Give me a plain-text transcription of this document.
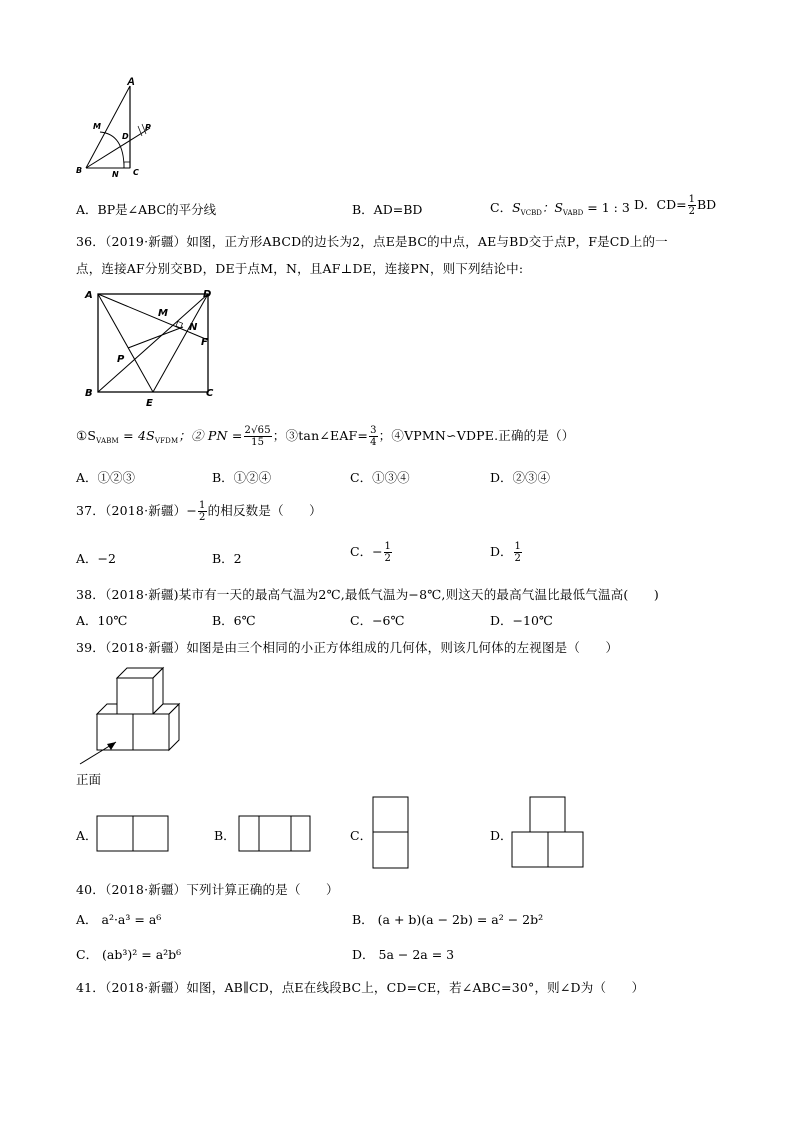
A
M
D
P
B	N C
A．BP是∠ABC的平分线	B．AD=BD	C．$S_{VCBD}$：$S_{VABD} = 1$ : 3 D．$CD= \frac{1}{2}$ BD
36．（2019·新疆）如图，正方形ABCD的边长为2，点E是BC的中点，AE与BD交于点P，F是CD上的一
点，连接AF分别交BD，DE于点M，N，且AF⊥DE，连接PN，则下列结论中:
A	D
M
N
F
P
B
E
C
$①S_{VABM} = 4S_{VFDM}$；② PN = $\frac{2√65}{15}$ ；③tan∠EAF= $\frac{3}{4}$ ；④VPMN∽VDPE.正确的是（）
A．①②③	B．①②④	C．①③④	D．②③④
37．（2018·新疆）− $\frac{1}{2}$ 的相反数是（　　）
A．−2	B．2	C．− $\frac{1}{2}$	D． $\frac{1}{2}$
38．（2018·新疆)某市有一天的最高气温为2℃,最低气温为−8℃,则这天的最高气温比最低气温高(　　)
A．10℃	B．6℃	C．−6℃	D．−10℃
39．（2018·新疆）如图是由三个相同的小正方体组成的几何体，则该几何体的左视图是（　　）
正面
A．	B．	C．	D．
40．（2018·新疆）下列计算正确的是（　　）
A． a²·a³ = a⁶	B． (a + b)(a − 2b) = a² − 2b²
C． (ab³)² = a²b⁶	D． 5a − 2a = 3
41．（2018·新疆）如图，AB∥CD，点E在线段BC上，CD=CE，若∠ABC=30°，则∠D为（　　）
